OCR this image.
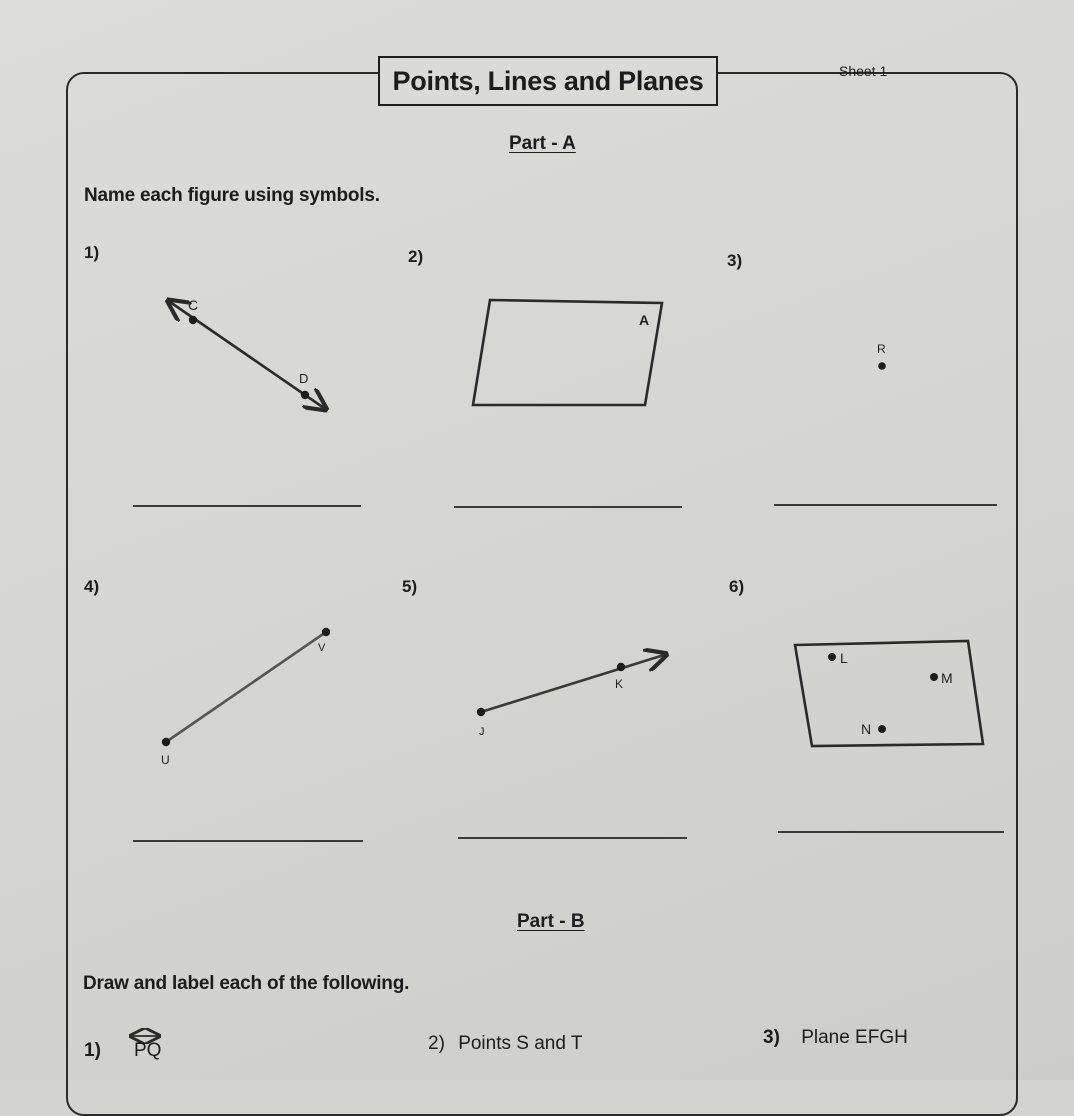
Points, Lines and Planes	Sheet 1
Part - A
Name each figure using symbols.
1)	2)	3)
4)	5)	6)
C
D
A
R
V
U
K
J
L
M
N
Part - B
Draw and label each of the following.
1) PQ	2) Points S and T	3) Plane EFGH
